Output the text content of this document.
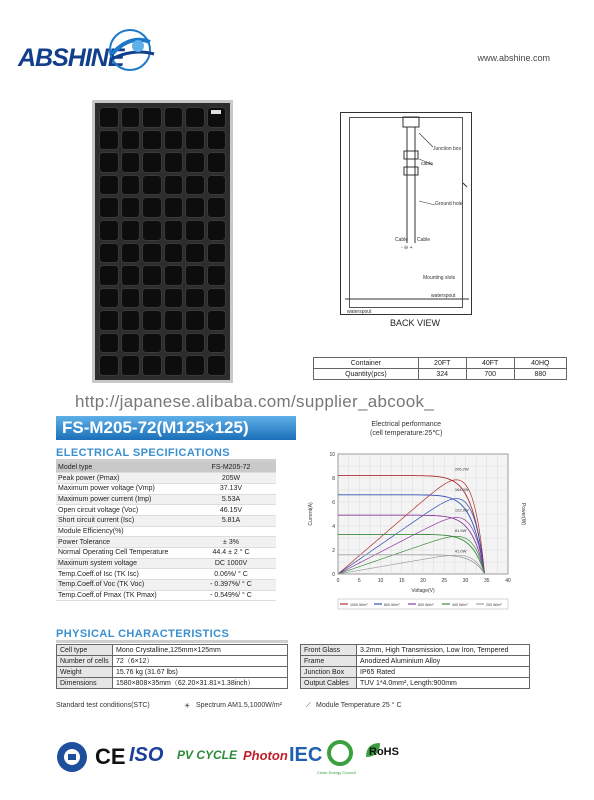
ABSHINE	www.abshine.com
Junction box
cable
Ground hole
Cable Cable
- ⊖ +
Mounting slots
waterspout
waterspout
BACK VIEW
Container	20FT	40FT	40HQ
Quantity(pcs)	324	700	880
http://japanese.alibaba.com/supplier_abcook_
FS-M205-72(M125×125)
ELECTRICAL SPECIFICATIONS
Model type	FS-M205-72
Peak power (Pmax)	205W
Maximum power voltage (Vmp)	37.13V
Maximum power current (Imp)	5.53A
Open circuit voltage (Voc)	46.15V
Short circuit current (Isc)	5.81A
Module Efficiency(%)	
Power Tolerance	± 3%
Normal Operating Cell Temperature	44.4 ± 2 ° C
Maximum system voltage	DC 1000V
Temp.Coeff.of Isc (TK Isc)	0.06%/ ° C
Temp.Coeff.of Voc (TK Voc)	- 0.397%/ ° C
Temp.Coeff.of Pmax (TK Pmax)	- 0.549%/ ° C
Electrical performance
(cell temperature:25℃)
0	5	10	15	20	25	30	35	40
0
2
4
6
8
10
Voltage(V)
Current(A)	Power(W)
205.2W
1000 W/m²
164.0W
800 W/m²
122.9W
600 W/m²
81.9W
400 W/m²
41.0W
200 W/m²
PHYSICAL CHARACTERISTICS
Cell type	Mono Crystalline,125mm×125mm
Number of cells	72（6×12）
Weight	15.76 kg (31.67 lbs)
Dimensions	1580×808×35mm（62.20×31.81×1.38inch）
Front Glass	3.2mm, High Transmission, Low Iron, Tempered
Frame	Anodized Aluminium Alloy
Junction Box	IP65 Rated
Output Cables	TUV 1*4.0mm², Length:900mm
Standard test conditions(STC)	☀ Spectrum AM1.5,1000W/m²	⟋ Module Temperature 25 ° C
CE ISO PV CYCLE Photon IEC
Clean Energy Council
RoHS
